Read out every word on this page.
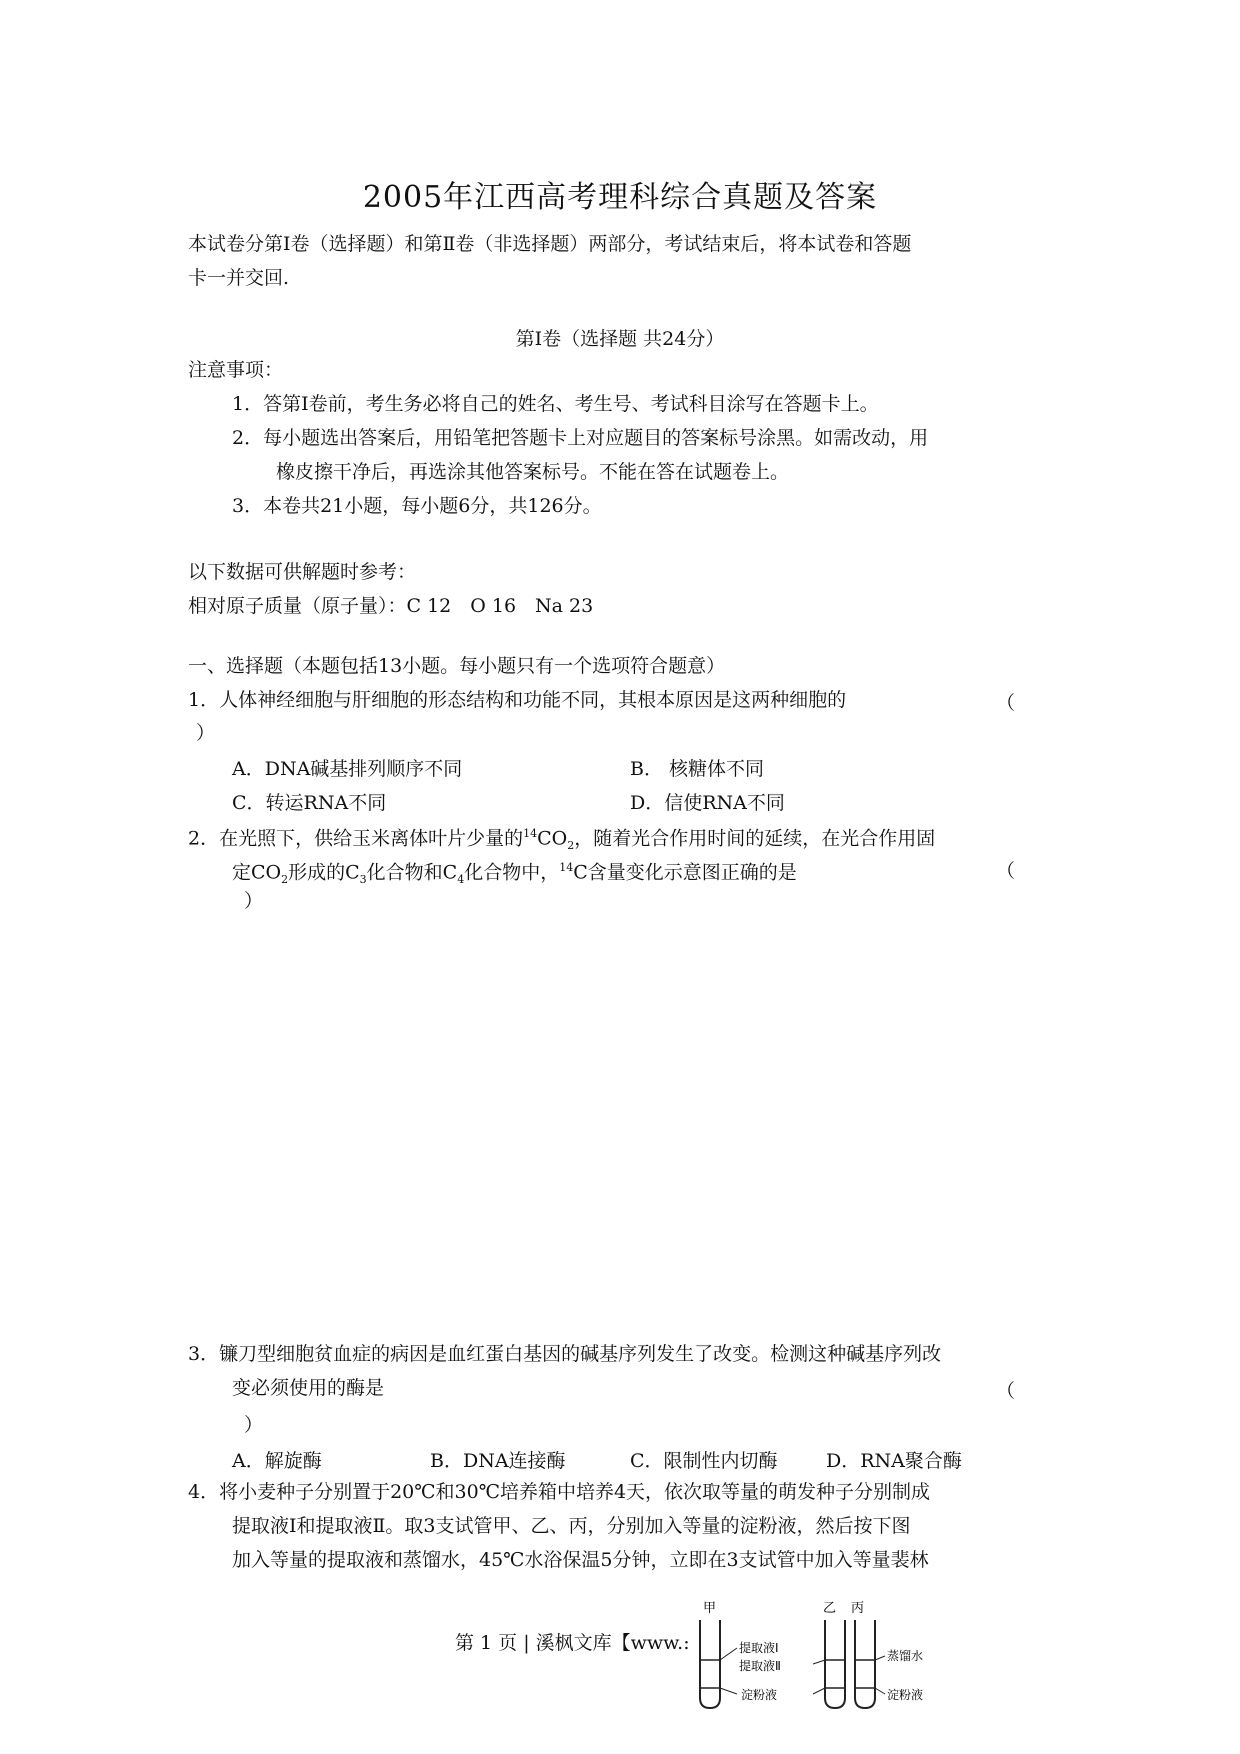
2005年江西高考理科综合真题及答案
本试卷分第Ⅰ卷（选择题）和第Ⅱ卷（非选择题）两部分，考试结束后，将本试卷和答题
卡一并交回.
第Ⅰ卷（选择题 共24分）
注意事项：
1．答第Ⅰ卷前，考生务必将自己的姓名、考生号、考试科目涂写在答题卡上。
2．每小题选出答案后，用铅笔把答题卡上对应题目的答案标号涂黑。如需改动，用
橡皮擦干净后，再选涂其他答案标号。不能在答在试题卷上。
3．本卷共21小题，每小题6分，共126分。
以下数据可供解题时参考：
相对原子质量（原子量）：C 12　O 16　Na 23
一、选择题（本题包括13小题。每小题只有一个选项符合题意）
1．人体神经细胞与肝细胞的形态结构和功能不同，其根本原因是这两种细胞的	（
）
A．DNA碱基排列顺序不同	B． 核糖体不同
C．转运RNA不同	D．信使RNA不同
2．在光照下，供给玉米离体叶片少量的$^{14}CO_2$，随着光合作用时间的延续，在光合作用固
定$CO_2$形成的$C_3$化合物和$C_4$化合物中，$^{14}$C含量变化示意图正确的是	（
）
3．镰刀型细胞贫血症的病因是血红蛋白基因的碱基序列发生了改变。检测这种碱基序列改
变必须使用的酶是	（
）
A．解旋酶	B．DNA连接酶	C．限制性内切酶	D．RNA聚合酶
4．将小麦种子分别置于20℃和30℃培养箱中培养4天，依次取等量的萌发种子分别制成
提取液Ⅰ和提取液Ⅱ。取3支试管甲、乙、丙，分别加入等量的淀粉液，然后按下图
加入等量的提取液和蒸馏水，45℃水浴保温5分钟，立即在3支试管中加入等量裴林
第 1 页 | 溪枫文库【www.:
甲	乙 丙
提取液Ⅰ
提取液Ⅱ
淀粉液
蒸馏水
淀粉液
